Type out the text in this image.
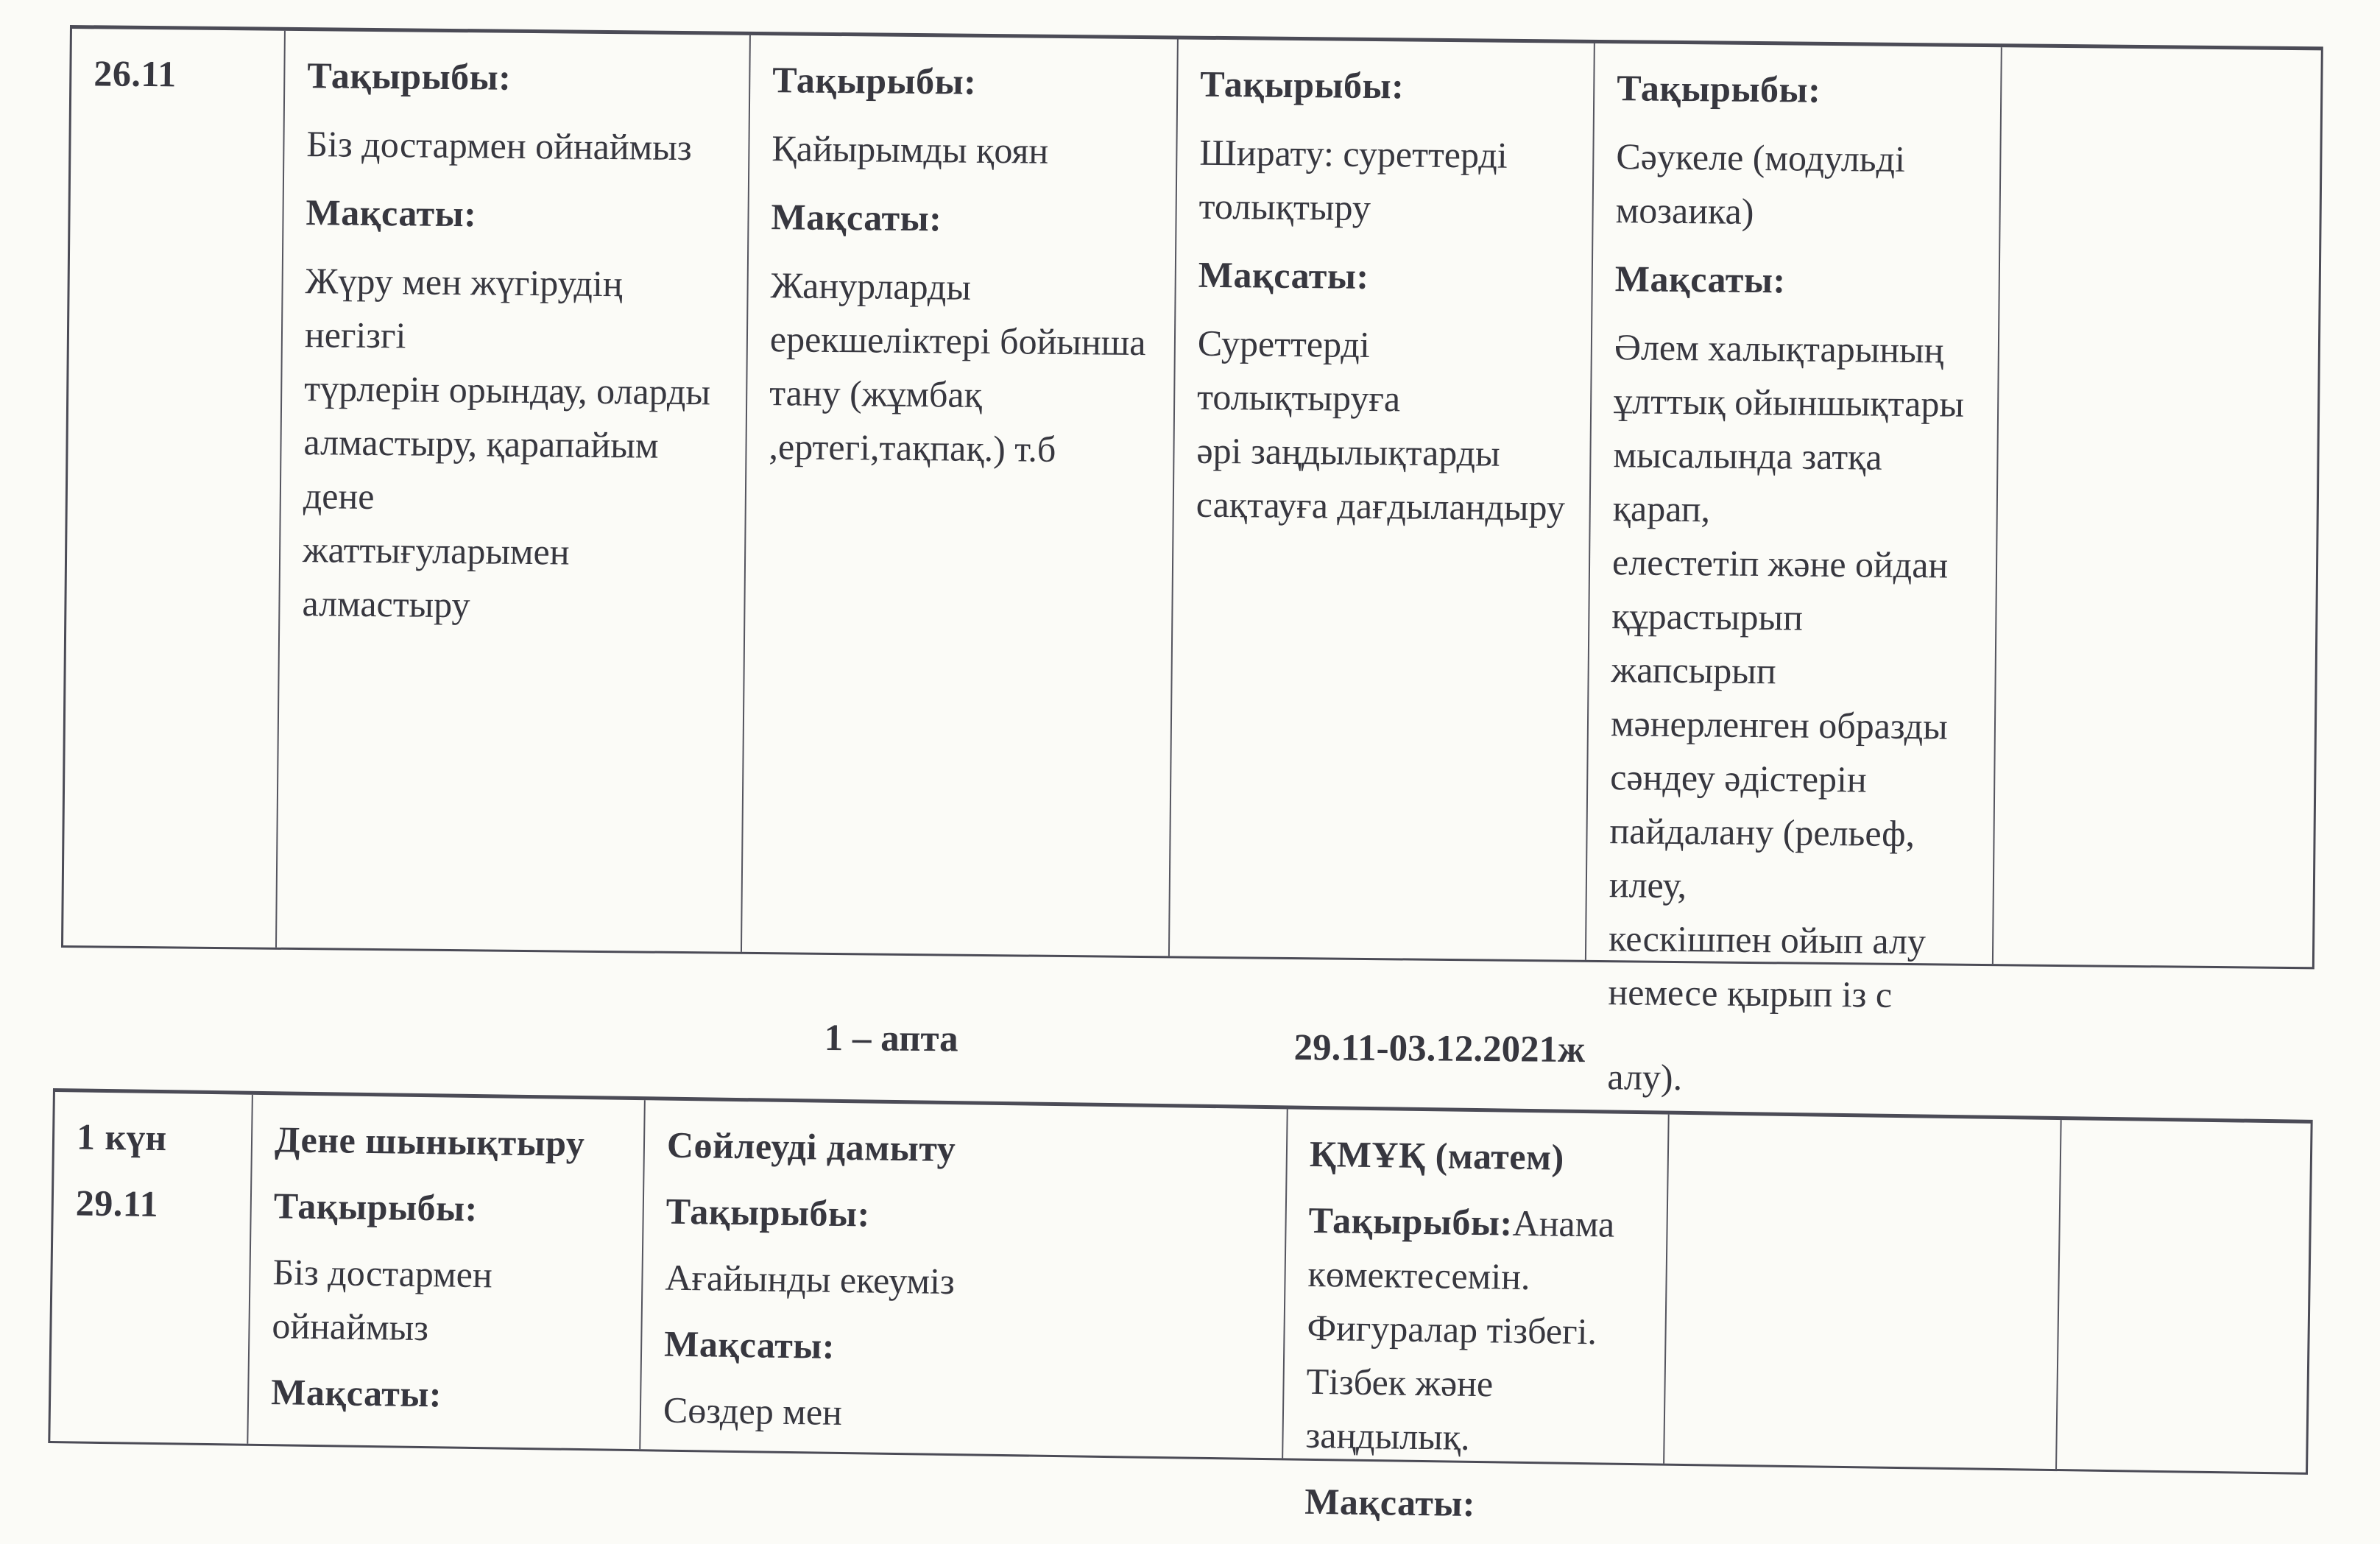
26.11	Тақырыбы:

Біз достармен ойнаймыз

Мақсаты:

Жүру мен жүгірудің негізгі
түрлерін орындау, оларды
алмастыру, қарапайым дене
жаттығуларымен алмастыру

Тақырыбы:

Қайырымды қоян

Мақсаты:

Жанурларды
ерекшеліктері бойынша
тану (жұмбақ
,ертегі,тақпақ.) т.б

Тақырыбы:

Ширату: суреттерді
толықтыру

Мақсаты:

Суреттерді толықтыруға
әрі заңдылықтарды
сақтауға дағдыландыру

Тақырыбы:

Сәукеле (модульді
мозаика)

Мақсаты:

Әлем халықтарының
ұлттық ойыншықтары
мысалында затқа қарап,
елестетіп және ойдан
құрастырып жапсырып
мәнерленген образды
сәндеу әдістерін
пайдалану (рельеф, илеу,
кескішпен ойып алу
немесе қырып із с

алу).

1 – апта	29.11-03.12.2021ж

1 күн

29.11

Дене шынықтыру

Тақырыбы:

Біз достармен
ойнаймыз

Мақсаты:

Сөйлеуді дамыту

Тақырыбы:

Ағайынды екеуміз

Мақсаты:

Сөздер мен

ҚМҰҚ (матем)

Тақырыбы:Анама
көмектесемін.
Фигуралар тізбегі.
Тізбек және заңдылық.

Мақсаты:
